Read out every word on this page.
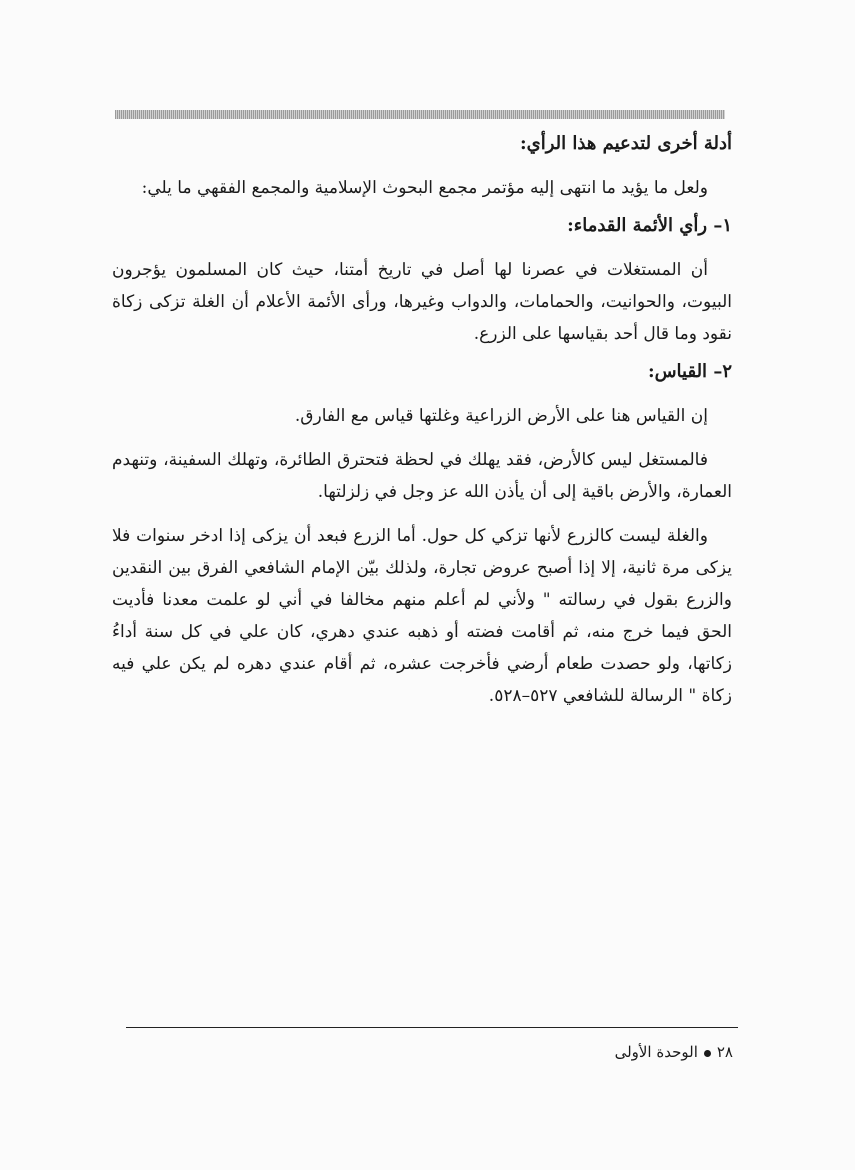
أدلة أخرى لتدعيم هذا الرأي:

ولعل ما يؤيد ما انتهى إليه مؤتمر مجمع البحوث الإسلامية والمجمع الفقهي ما يلي:

١– رأي الأئمة القدماء:

أن المستغلات في عصرنا لها أصل في تاريخ أمتنا، حيث كان المسلمون يؤجرون البيوت، والحوانيت، والحمامات، والدواب وغيرها، ورأى الأئمة الأعلام أن الغلة تزكى زكاة نقود وما قال أحد بقياسها على الزرع.

٢– القياس:

إن القياس هنا على الأرض الزراعية وغلتها قياس مع الفارق.

فالمستغل ليس كالأرض، فقد يهلك في لحظة فتحترق الطائرة، وتهلك السفينة، وتنهدم العمارة، والأرض باقية إلى أن يأذن الله عز وجل في زلزلتها.

والغلة ليست كالزرع لأنها تزكي كل حول. أما الزرع فبعد أن يزكى إذا ادخر سنوات فلا يزكى مرة ثانية، إلا إذا أصبح عروض تجارة، ولذلك بيّن الإمام الشافعي الفرق بين النقدين والزرع بقول في رسالته " ولأني لم أعلم منهم مخالفا في أني لو علمت معدنا فأديت الحق فيما خرج منه، ثم أقامت فضته أو ذهبه عندي دهري، كان علي في كل سنة أداءُ زكاتها، ولو حصدت طعام أرضي فأخرجت عشره، ثم أقام عندي دهره لم يكن علي فيه زكاة " الرسالة للشافعي ٥٢٧–٥٢٨.

٢٨الوحدة الأولى
